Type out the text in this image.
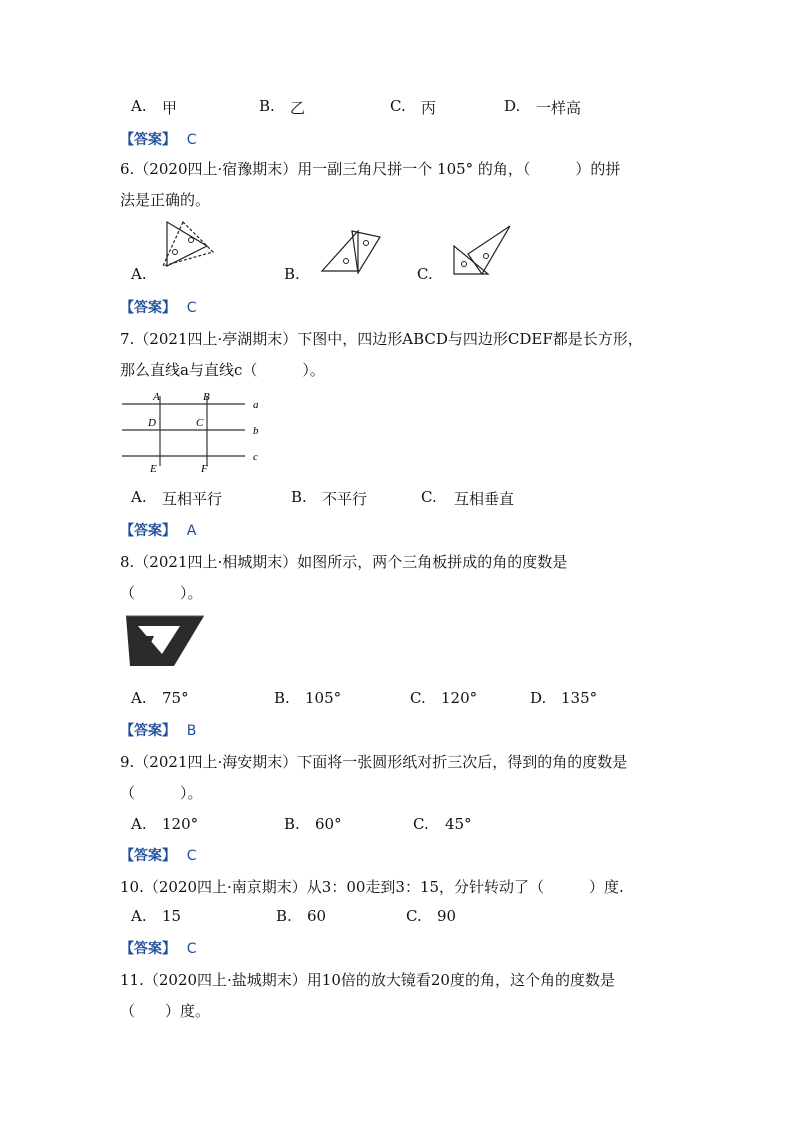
A. 甲	B. 乙	C. 丙	D. 一样高
【答案】 C
6.（2020四上·宿豫期末）用一副三角尺拼一个 105° 的角，（　　　）的拼
法是正确的。
A.	B.	C.
【答案】 C
7.（2021四上·亭湖期末）下图中，四边形ABCD与四边形CDEF都是长方形，
那么直线a与直线c（　　　）。
A	B
D	C
E	F
a
b
c
A. 互相平行	B. 不平行	C. 互相垂直
【答案】 A
8.（2021四上·相城期末）如图所示，两个三角板拼成的角的度数是
（　　　）。
A. 75°	B. 105°	C. 120°	D. 135°
【答案】 B
9.（2021四上·海安期末）下面将一张圆形纸对折三次后，得到的角的度数是
（　　　）。
A. 120°	B. 60°	C. 45°
【答案】 C
10.（2020四上·南京期末）从3：00走到3：15，分针转动了（　　　）度.
A. 15	B. 60	C. 90
【答案】 C
11.（2020四上·盐城期末）用10倍的放大镜看20度的角，这个角的度数是
（　　）度。
